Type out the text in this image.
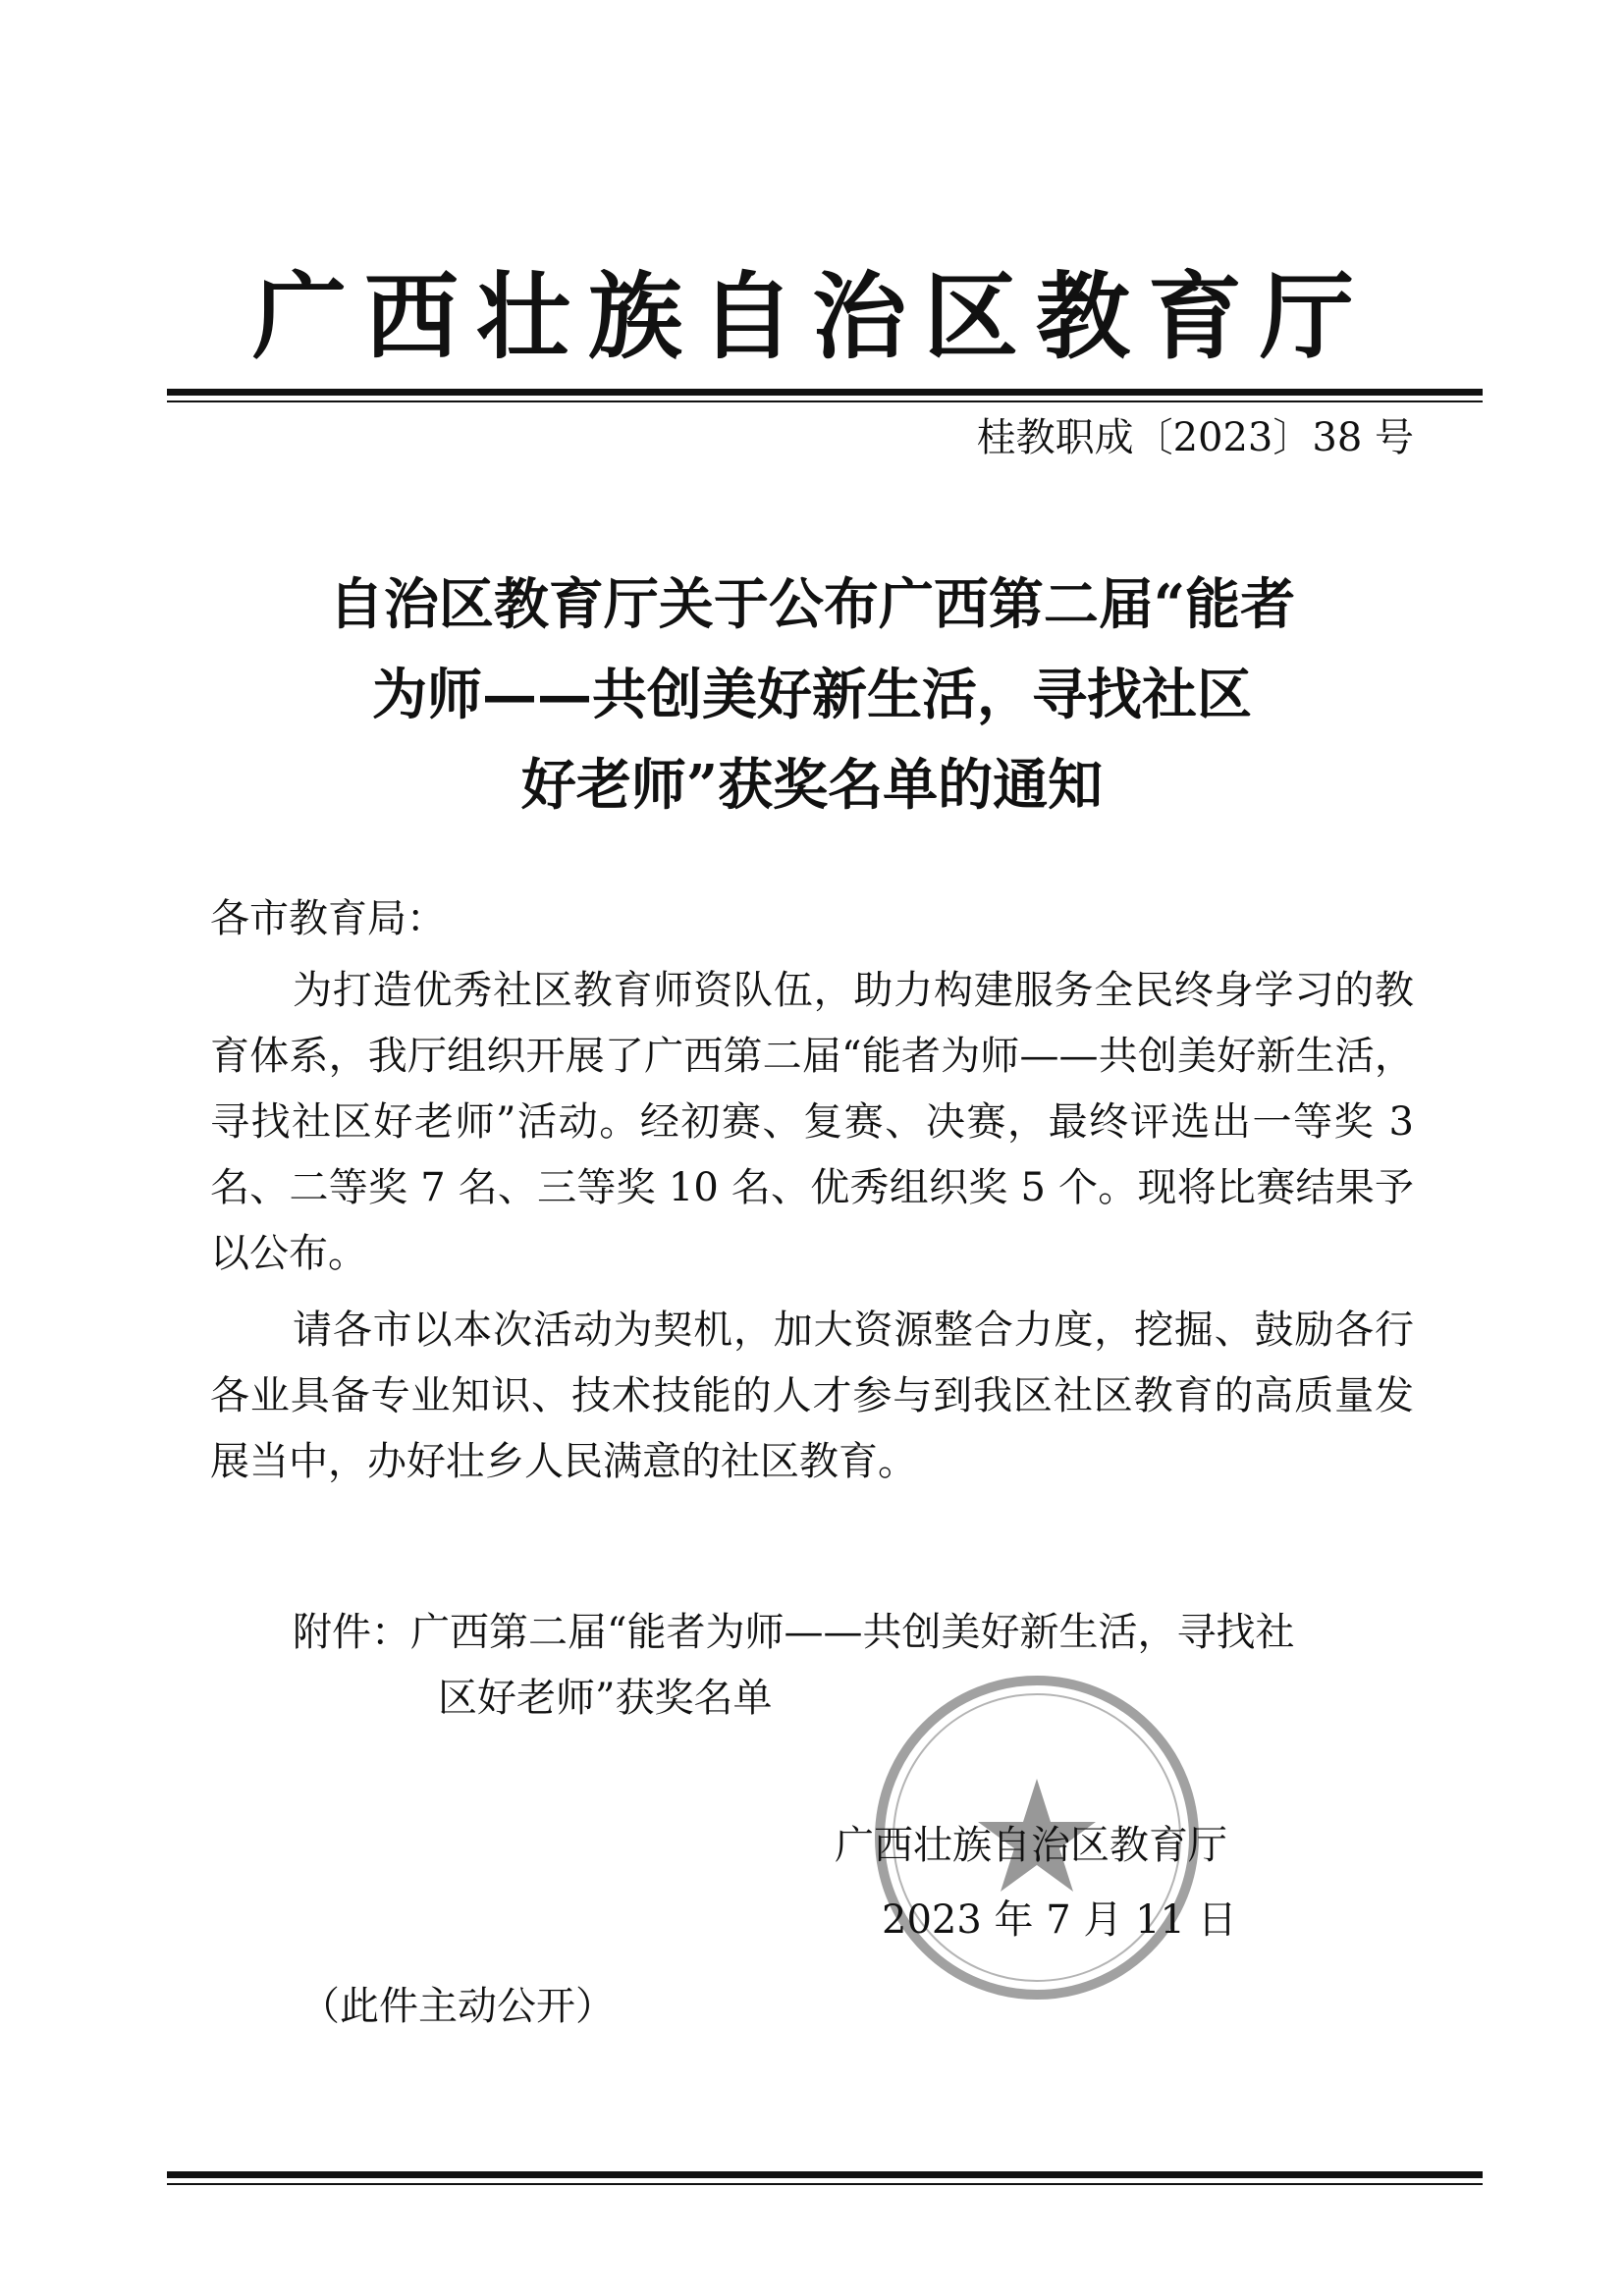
广西壮族自治区教育厅
桂教职成〔2023〕38 号
自治区教育厅关于公布广西第二届“能者
为师——共创美好新生活，寻找社区
好老师”获奖名单的通知
各市教育局：

为打造优秀社区教育师资队伍，助力构建服务全民终身学习的教育体系，我厅组织开展了广西第二届“能者为师——共创美好新生活，寻找社区好老师”活动。经初赛、复赛、决赛，最终评选出一等奖 3 名、二等奖 7 名、三等奖 10 名、优秀组织奖 5 个。现将比赛结果予以公布。

请各市以本次活动为契机，加大资源整合力度，挖掘、鼓励各行各业具备专业知识、技术技能的人才参与到我区社区教育的高质量发展当中，办好壮乡人民满意的社区教育。

附件：广西第二届“能者为师——共创美好新生活，寻找社
区好老师”获奖名单
广西壮族自治区教育厅
2023 年 7 月 11 日
（此件主动公开）
